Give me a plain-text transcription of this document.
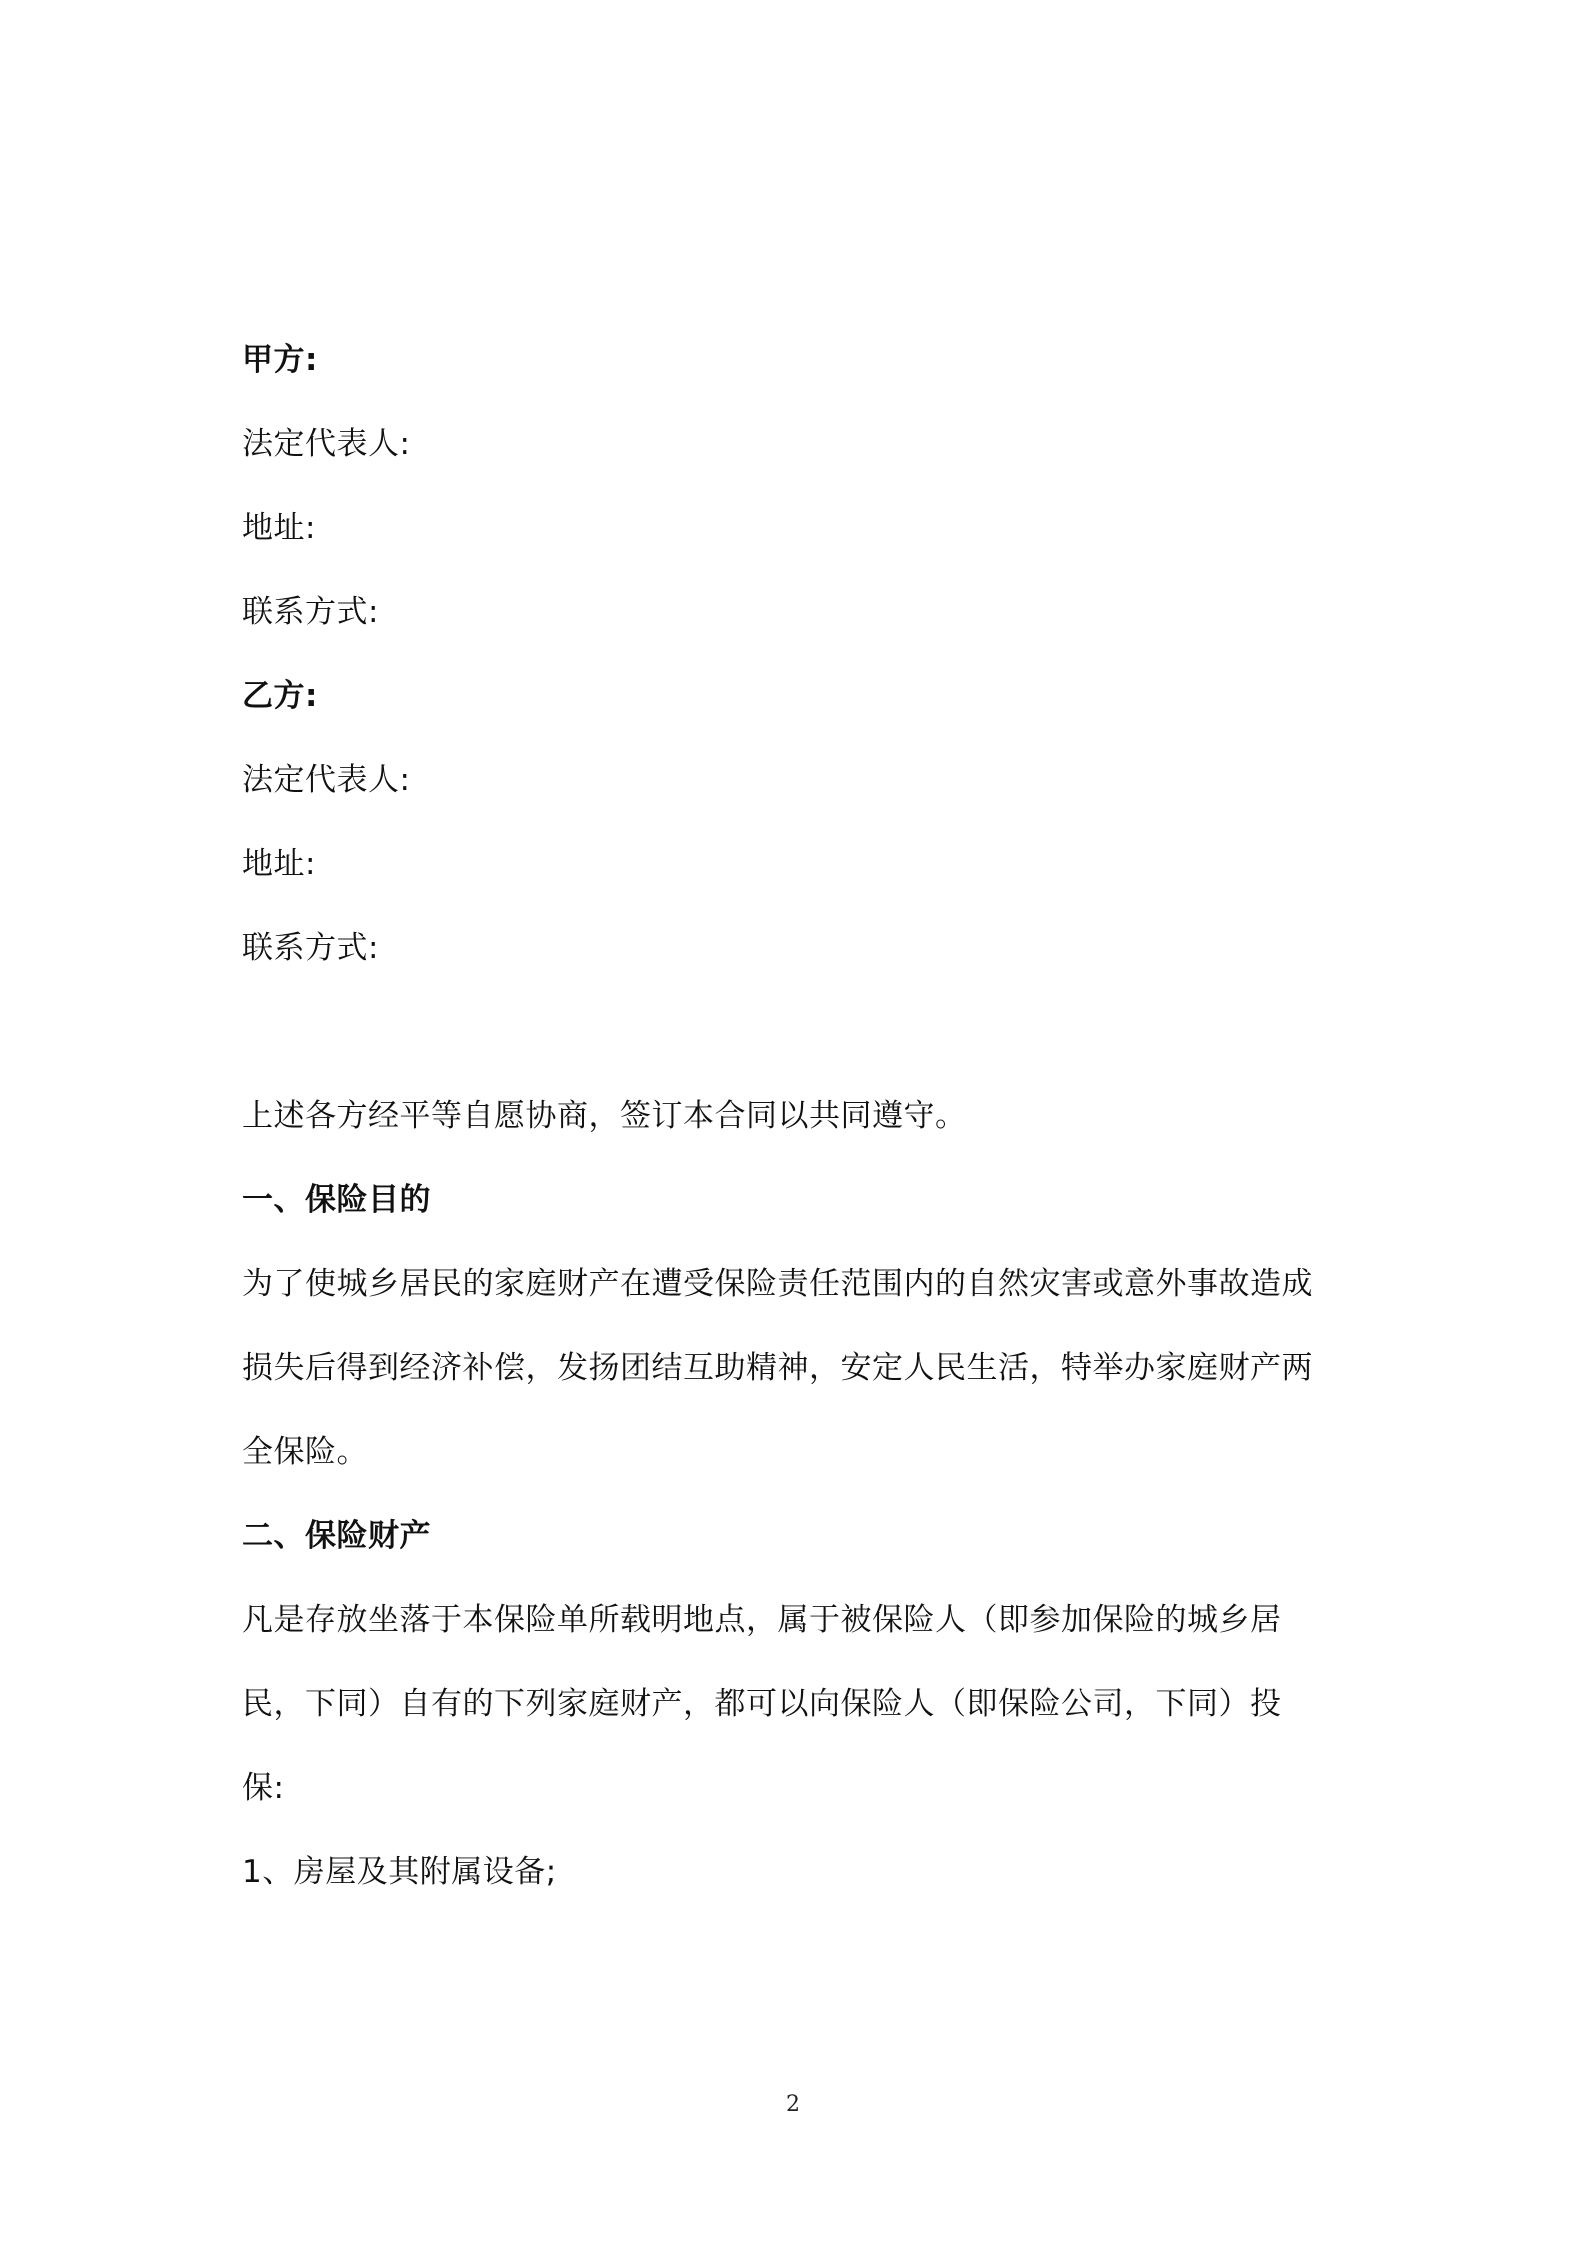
甲方:
法定代表人:
地址:
联系方式:
乙方:
法定代表人:
地址:
联系方式:
上述各方经平等自愿协商，签订本合同以共同遵守。
一、保险目的
为了使城乡居民的家庭财产在遭受保险责任范围内的自然灾害或意外事故造成
损失后得到经济补偿，发扬团结互助精神，安定人民生活，特举办家庭财产两
全保险。
二、保险财产
凡是存放坐落于本保险单所载明地点，属于被保险人（即参加保险的城乡居
民，下同）自有的下列家庭财产，都可以向保险人（即保险公司，下同）投
保:
1、房屋及其附属设备;
2
